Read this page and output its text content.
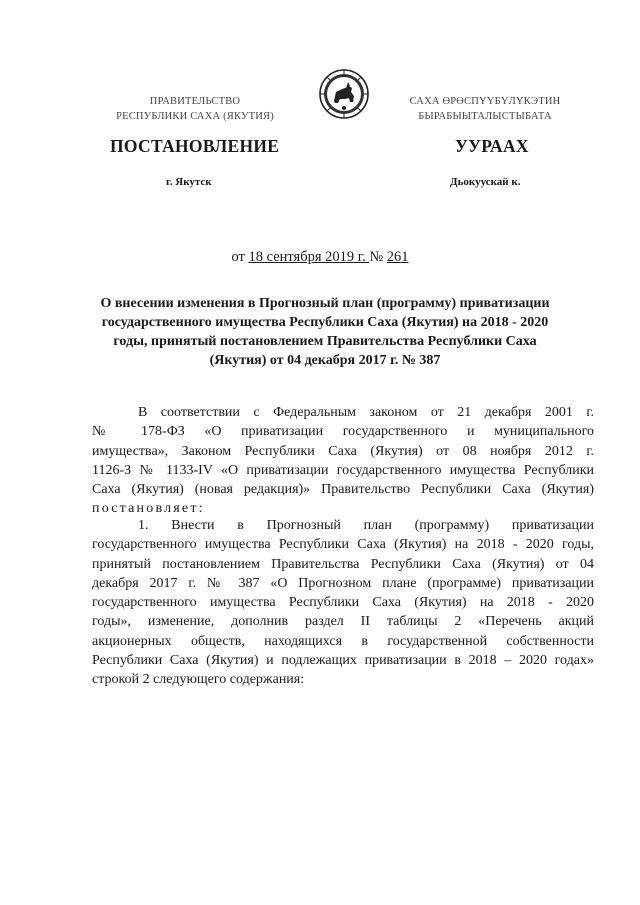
ПРАВИТЕЛЬСТВО
РЕСПУБЛИКИ САХА (ЯКУТИЯ)
САХА ӨРӨСПҮҮБҮЛҮКЭТИН
БЫРАБЫЫТАЛЫСТЫБАТА
ПОСТАНОВЛЕНИЕ	УУРААХ
г. Якутск	Дьокуускай к.
от 18 сентября 2019 г. № 261
О внесении изменения в Прогнозный план (программу) приватизации
государственного имущества Республики Саха (Якутия) на 2018 - 2020
годы, принятый постановлением Правительства Республики Саха
(Якутия) от 04 декабря 2017 г. № 387
В соответствии с Федеральным законом от 21 декабря 2001 г.
№ 178-ФЗ «О приватизации государственного и муниципального
имущества», Законом Республики Саха (Якутия) от 08 ноября 2012 г.
1126-З № 1133-IV «О приватизации государственного имущества Республики
Саха (Якутия) (новая редакция)» Правительство Республики Саха (Якутия)
постановляет:
1. Внести в Прогнозный план (программу) приватизации
государственного имущества Республики Саха (Якутия) на 2018 - 2020 годы,
принятый постановлением Правительства Республики Саха (Якутия) от 04
декабря 2017 г. № 387 «О Прогнозном плане (программе) приватизации
государственного имущества Республики Саха (Якутия) на 2018 - 2020
годы», изменение, дополнив раздел II таблицы 2 «Перечень акций
акционерных обществ, находящихся в государственной собственности
Республики Саха (Якутия) и подлежащих приватизации в 2018 – 2020 годах»
строкой 2 следующего содержания:
